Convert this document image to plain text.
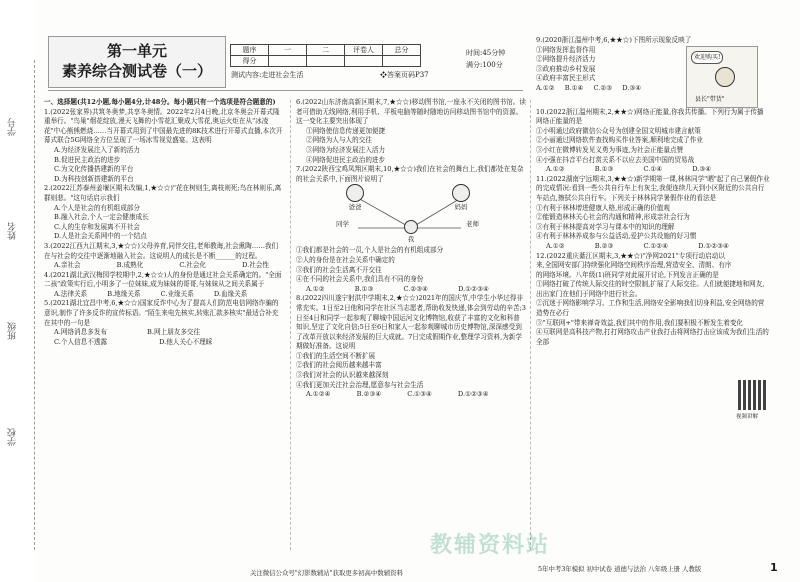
学号
姓名
班级
学校
第一单元
素养综合测试卷（一）
题序	一	二	评卷人	总分
得分				
时间:45分钟
满分:100分
测试内容:走进社会生活	❖答案页码P37

一、选择题(共12小题,每小题4分,计48分。每小题只有一个选项是符合题意的)

1.(2022张家界)共筑冬奥梦,共享冬奥情。2022年2月4日晚,北京冬奥会开幕式隆重举行。"鸟巢"烟花绽放,漫天飞舞的小雪花汇聚成大雪花,奥运火炬在从"冰凌花"中心熊熊燃烧……当开幕式用到了中国最先进的8K技术进行开幕式直播,本次开幕式联合5G网络全方位呈现了一场冰雪视觉盛宴。这表明

A.为经济发展注入了新的活力

B.促进民主政治的进步

C.为文化传播搭建新的平台

D.为科技创新搭建新的平台

2.(2022江苏泰州姜堰区期末改编,1,★☆☆)"花在树则生,离枝则死;鸟在林则乐,离群则悲。"这句话启示我们

A.个人是社会的有机组成部分

B.融入社会,个人一定会健康成长

C.人的生存和发展离不开社会

D.人是社会关系网中的一个结点

3.(2022江西九江期末,3,★☆☆)父母养育,同伴交往,老师教诲,社会熏陶……我们在与社会的交往中逐渐地融入社会。这说明人的成长是不断______的过程。

A.亲社会	B.成熟化	C.社会化	D.社会性

4.(2021湖北武汉梅园学校期中,2,★☆☆)人的身份是通过社会关系确定的。"全面二孩"政策实行后,小明多了一位妹妹,成为妹妹的哥哥,与妹妹从之间关系属于

A.法律关系	B.地缘关系	C.业缘关系	D.血缘关系

5.(2021湖北宜昌中考,6,★☆☆)国家反诈中心为了提高人们防范电信网络诈骗的意识,制作了许多反诈的宣传标语。"陌生来电先核实,转账汇款多核实"最适合补充在其中的一句是

A.网络消息多发布	B.网上朋友多交往
C.个人信息不透露	D.他人关心不理睬

6.(2022山东济南高新区期末,7,★☆☆)移动图书馆,一座永不关闭的图书馆。读者可借助无线网络,利用手机、平板电脑等随时随地访问移动图书馆中的资源。这一变化主要突出体现了

①网络使信息传递更加便捷

②网络为人与人的交往

③网络为经济发展注入活力

④网络促进民主政治的进步

7.(2022陕西宝鸡凤翔区期末,10,★☆☆)我们在社会的舞台上,我们都处在复杂的社会关系中,下面图片说明了

爸爸	妈妈
同学	老师
我

①我们都是社会的一员,个人是社会的有机组成部分

②人的身份是在社会关系中确定的

③我们的社会生活离不开交往

④在不同的社会关系中,我们具有不同的身份

A.①②	B.①③	C.②③④	D.①②③④

8.(2022四川遂宁射洪中学期末,2,★☆☆)2021年的国庆节,中学生小华过得非常充实。1日至2日他和同学在社区当志愿者,帮助收发快递,体会到劳动的辛苦;3日至4日和同学一起参观了聊城中国运河文化博物馆,收获了丰富的文化和科普知识,坚定了文化自信;5日至6日和家人一起参观聊城市历史博物馆,深深感受到了改革开放以来经济发展的巨大成就。7日完成假期作业,整理学习资料,为新学期做好准备。这说明

①我们的生活空间不断扩展

②我们的社会阅历越来越丰富

③我们对社会的认识越来越深刻

④我们更加关注社会治理,愿意参与社会生活

A.①②④	B.②③④	C.①③④	D.①②③④

9.(2020浙江温州中考,6,★★☆)下图所示现象反映了

①网络发挥监督作用

②网络提升经济活力

③政府推动乡村发展

④政府丰富民主形式

A.①② B.①④ C.②③ D.③④
欢迎购买!
县长"带货"

10.(2022浙江温州期末,2,★★☆)网络正能量,你我共传播。下列行为属于传播网络正能量的是

①小明通过政府微信公众号为创建全国文明城市建言献策

②小丽通过网络软件查找购买作业答案,顺利地完成了作业

③小红在微博转发见义勇为事迹,为社会正能量点赞

④小强在抖音平台打赏关系不以应去美国中国的贸易战

A.①②	B.①③	C.①④	D.③④

11.(2022湖南宁远期末,3,★★☆)新学期第一课,林林同学"晒"起了自己暑假作业的完成情况:看到一些公共自行车上有灰尘,我便连续几天到小区附近的公共自行车站点,擦拭公共自行车。下列关于林林同学暑假作业的看法是

①有利于林林增进健康人格,形成正确的价值观

②能锻造林林关心社会的沟通和精神,形成亲社会行为

③有利于林林提高对学习与课本中的知识的理解

④有利于林林养成参与公益活动,爱护公共设施的好习惯

A.①②	B.②③	C.①②④	D.①②③④

12.(2022重庆綦江区期末,3,★★☆)"净网2021"专项行动启动以来,全国网安部门持续强化网络空间秩序治理,营造安全、清朗、有序的网络环境。八年级(1)班同学对此展开讨论,下列发言正确的是

①网络打破了传统人际交往的时空限制,扩展了人际交往。人们就便捷地和网友,出出家门在他们于网络中进行社会。

②沉迷于网络影响学习、工作和生活,网络安全影响我们切身利益,安全网络的营造势在必行

③"互联网+"带来禅奇效益,我们其中的作用,我们要积极不断发生着变化

④互联网是高科技产物,打打网络攻击产业我打击将网络打击应该成为我们生活的全部

视频讲解
教辅资料站
关注微信公众号"幻影数辅站"获取更多初高中数辅资料	5年中考3年模拟 初中试卷 道德与法治 八年级上册 人教版	1
